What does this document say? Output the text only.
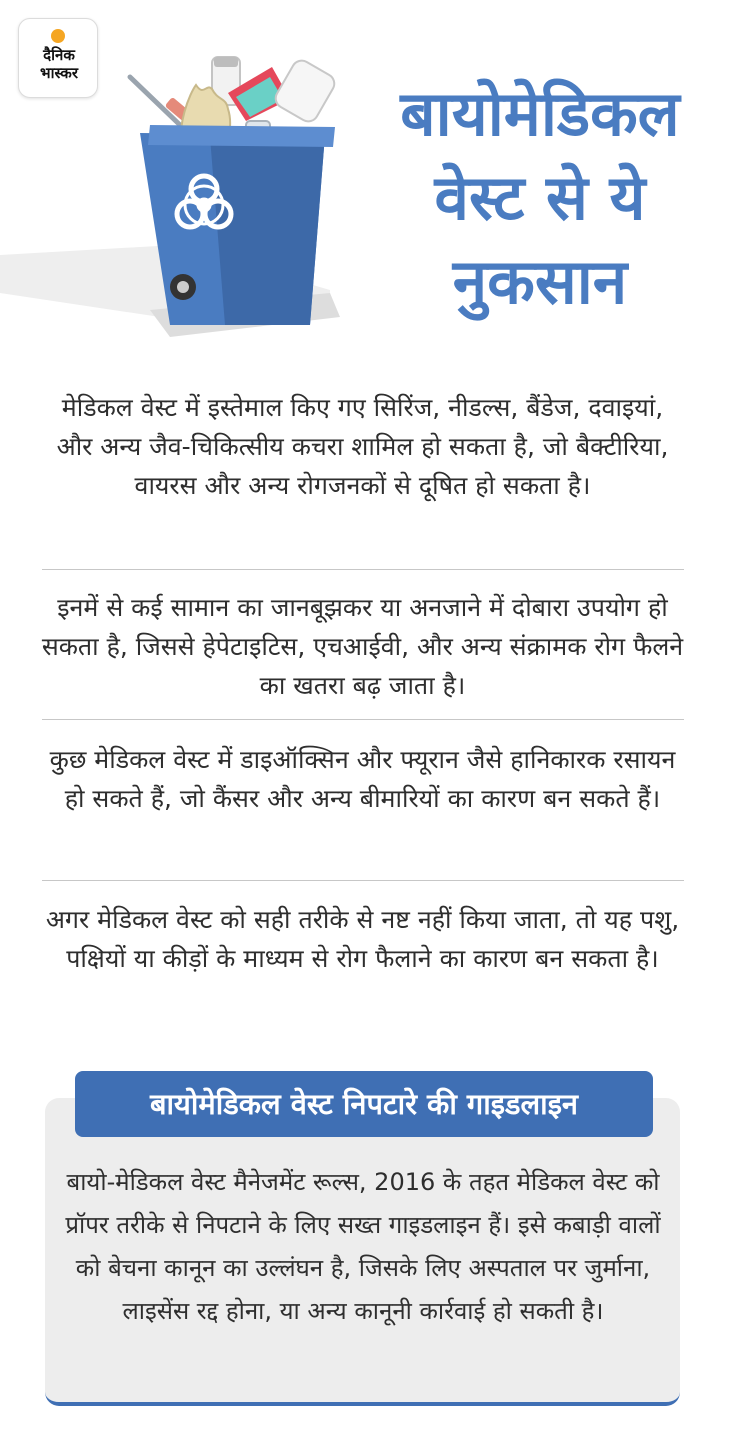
दैनिक
भास्कर
बायोमेडिकल
वेस्ट से ये
नुकसान
मेडिकल वेस्ट में इस्तेमाल किए गए सिरिंज, नीडल्स, बैंडेज, दवाइयां, और अन्य जैव-चिकित्सीय कचरा शामिल हो सकता है, जो बैक्टीरिया, वायरस और अन्य रोगजनकों से दूषित हो सकता है।
इनमें से कई सामान का जानबूझकर या अनजाने में दोबारा उपयोग हो सकता है, जिससे हेपेटाइटिस, एचआईवी, और अन्य संक्रामक रोग फैलने का खतरा बढ़ जाता है।
कुछ मेडिकल वेस्ट में डाइऑक्सिन और फ्यूरान जैसे हानिकारक रसायन हो सकते हैं, जो कैंसर और अन्य बीमारियों का कारण बन सकते हैं।
अगर मेडिकल वेस्ट को सही तरीके से नष्ट नहीं किया जाता, तो यह पशु, पक्षियों या कीड़ों के माध्यम से रोग फैलाने का कारण बन सकता है।
बायोमेडिकल वेस्ट निपटारे की गाइडलाइन
बायो-मेडिकल वेस्ट मैनेजमेंट रूल्स, 2016 के तहत मेडिकल वेस्ट को प्रॉपर तरीके से निपटाने के लिए सख्त गाइडलाइन हैं। इसे कबाड़ी वालों को बेचना कानून का उल्लंघन है, जिसके लिए अस्पताल पर जुर्माना, लाइसेंस रद्द होना, या अन्य कानूनी कार्रवाई हो सकती है।
